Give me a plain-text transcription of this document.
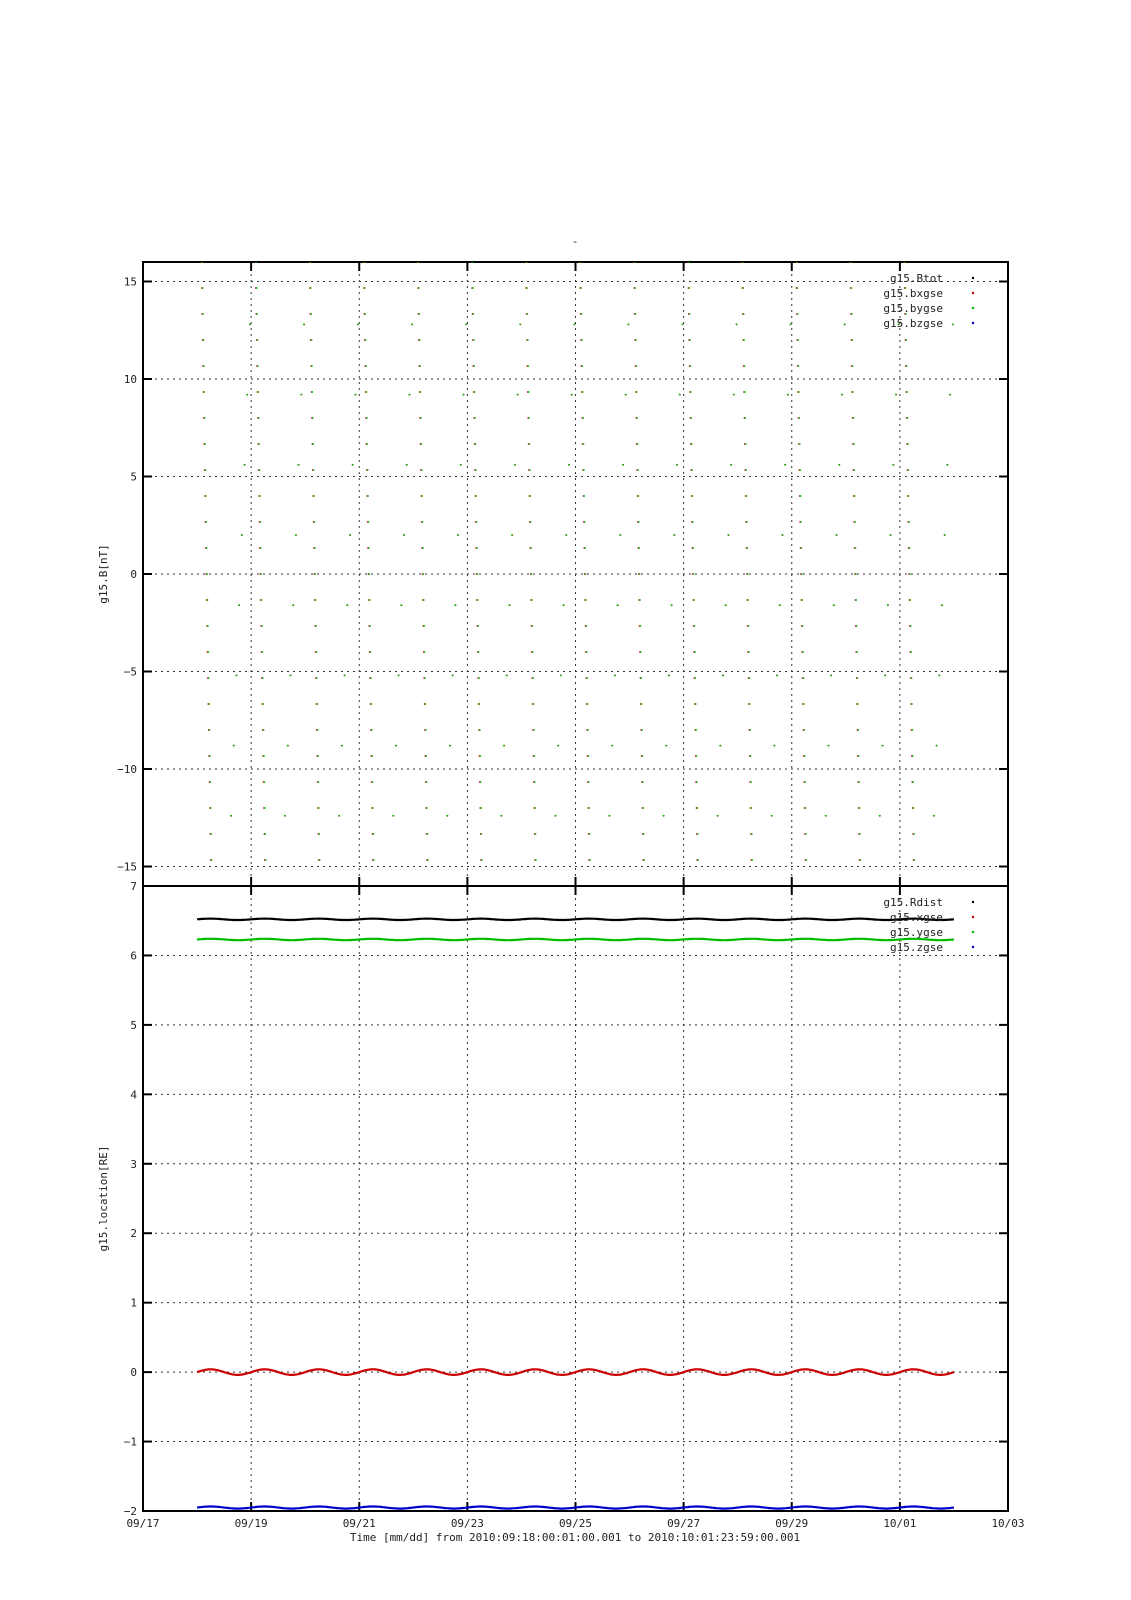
-
−15
−10
−5
0
5
10
15
g15.B[nT]
g15.Btot
g15.bxgse
g15.bygse
g15.bzgse
−2
−1
0
1
2
3
4
5
6
7
09/17	09/19	09/21	09/23	09/25	09/27	09/29	10/01	10/03
g15.location[RE]
g15.Rdist
g15.xgse
g15.ygse
g15.zgse
Time [mm/dd] from 2010:09:18:00:01:00.001 to 2010:10:01:23:59:00.001
